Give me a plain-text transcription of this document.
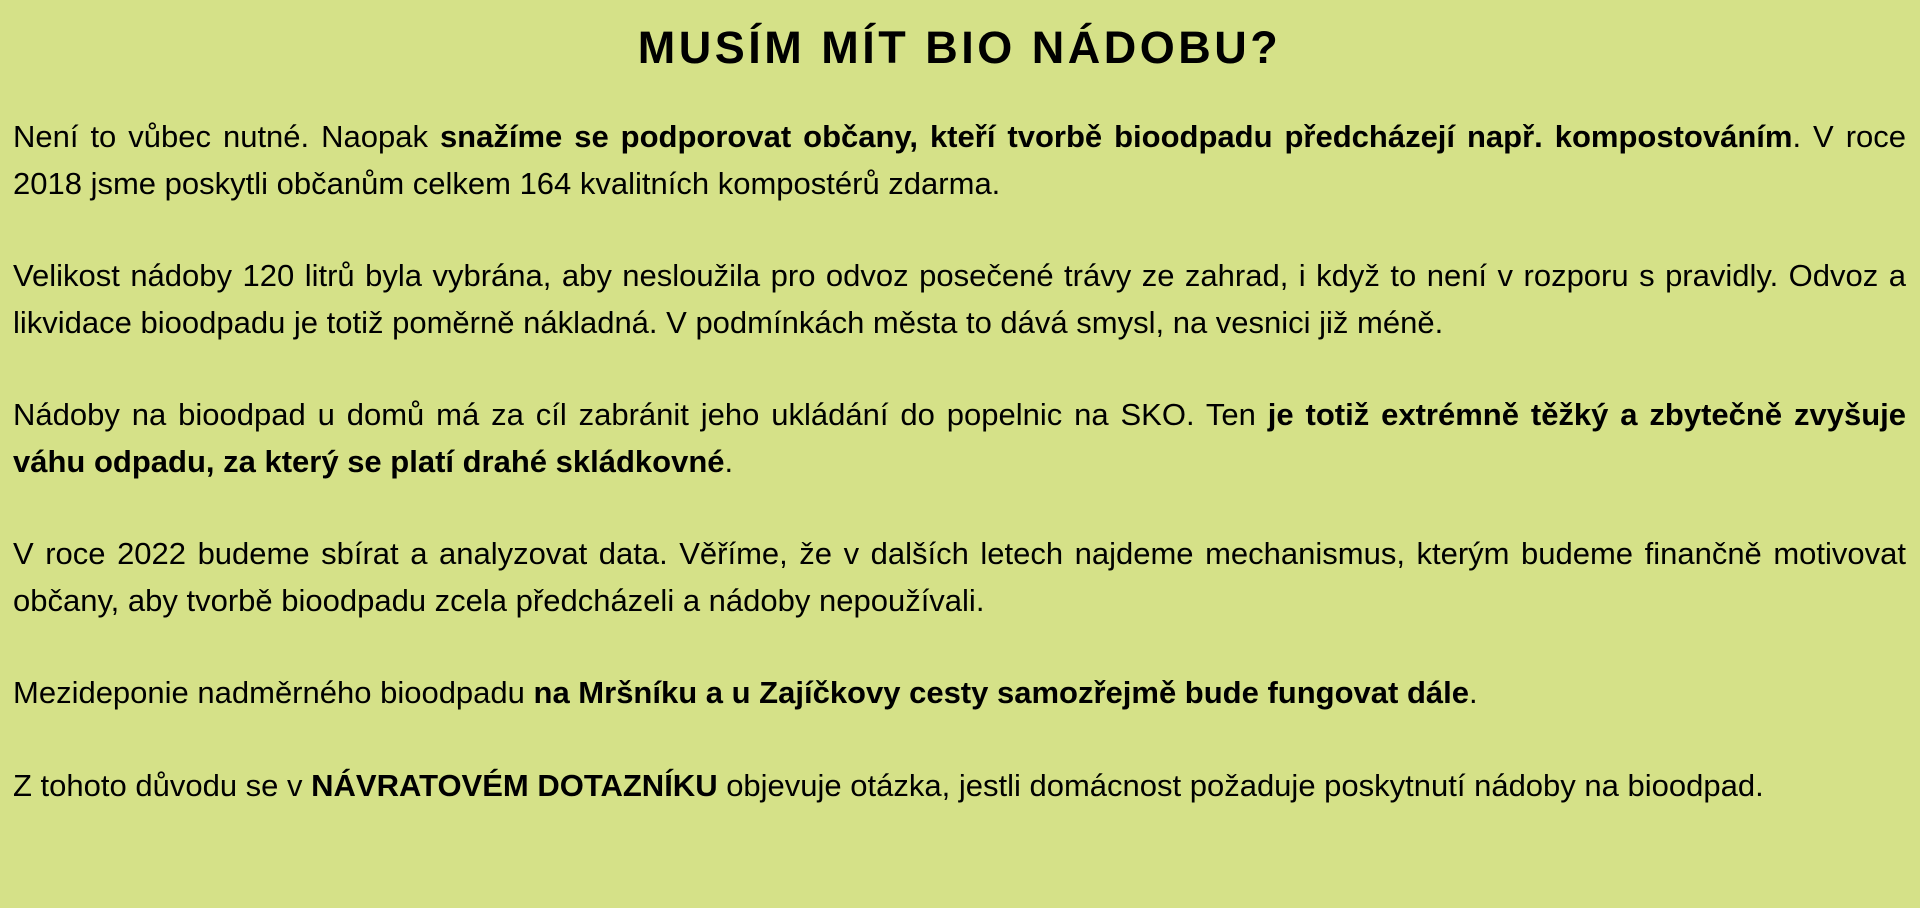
MUSÍM MÍT BIO NÁDOBU?

Není to vůbec nutné. Naopak snažíme se podporovat občany, kteří tvorbě bioodpadu předcházejí např. kompostováním. V roce 2018 jsme poskytli občanům celkem 164 kvalitních kompostérů zdarma.

Velikost nádoby 120 litrů byla vybrána, aby nesloužila pro odvoz posečené trávy ze zahrad, i když to není v rozporu s pravidly. Odvoz a likvidace bioodpadu je totiž poměrně nákladná. V podmínkách města to dává smysl, na vesnici již méně.

Nádoby na bioodpad u domů má za cíl zabránit jeho ukládání do popelnic na SKO. Ten je totiž extrémně těžký a zbytečně zvyšuje váhu odpadu, za který se platí drahé skládkovné.

V roce 2022 budeme sbírat a analyzovat data. Věříme, že v dalších letech najdeme mechanismus, kterým budeme finančně motivovat občany, aby tvorbě bioodpadu zcela předcházeli a nádoby nepoužívali.

Mezideponie nadměrného bioodpadu na Mršníku a u Zajíčkovy cesty samozřejmě bude fungovat dále.

Z tohoto důvodu se v NÁVRATOVÉM DOTAZNÍKU objevuje otázka, jestli domácnost požaduje poskytnutí nádoby na bioodpad.
